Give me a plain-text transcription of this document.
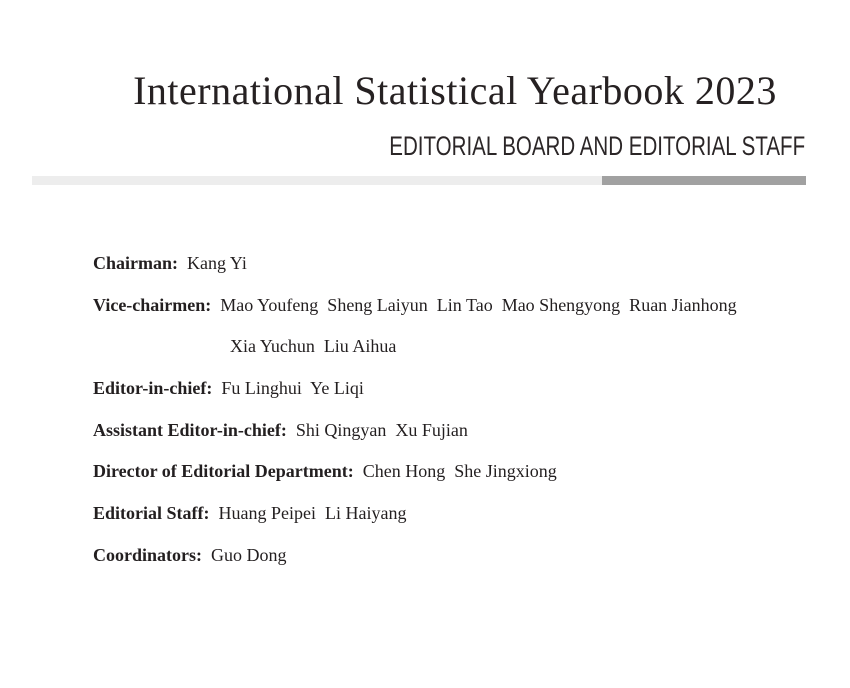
International Statistical Yearbook 2023
EDITORIAL BOARD AND EDITORIAL STAFF
Chairman: Kang Yi
Vice-chairmen: Mao Youfeng  Sheng Laiyun  Lin Tao  Mao Shengyong  Ruan Jianhong
Xia Yuchun  Liu Aihua
Editor-in-chief: Fu Linghui  Ye Liqi
Assistant Editor-in-chief: Shi Qingyan  Xu Fujian
Director of Editorial Department: Chen Hong  She Jingxiong
Editorial Staff: Huang Peipei  Li Haiyang
Coordinators: Guo Dong
